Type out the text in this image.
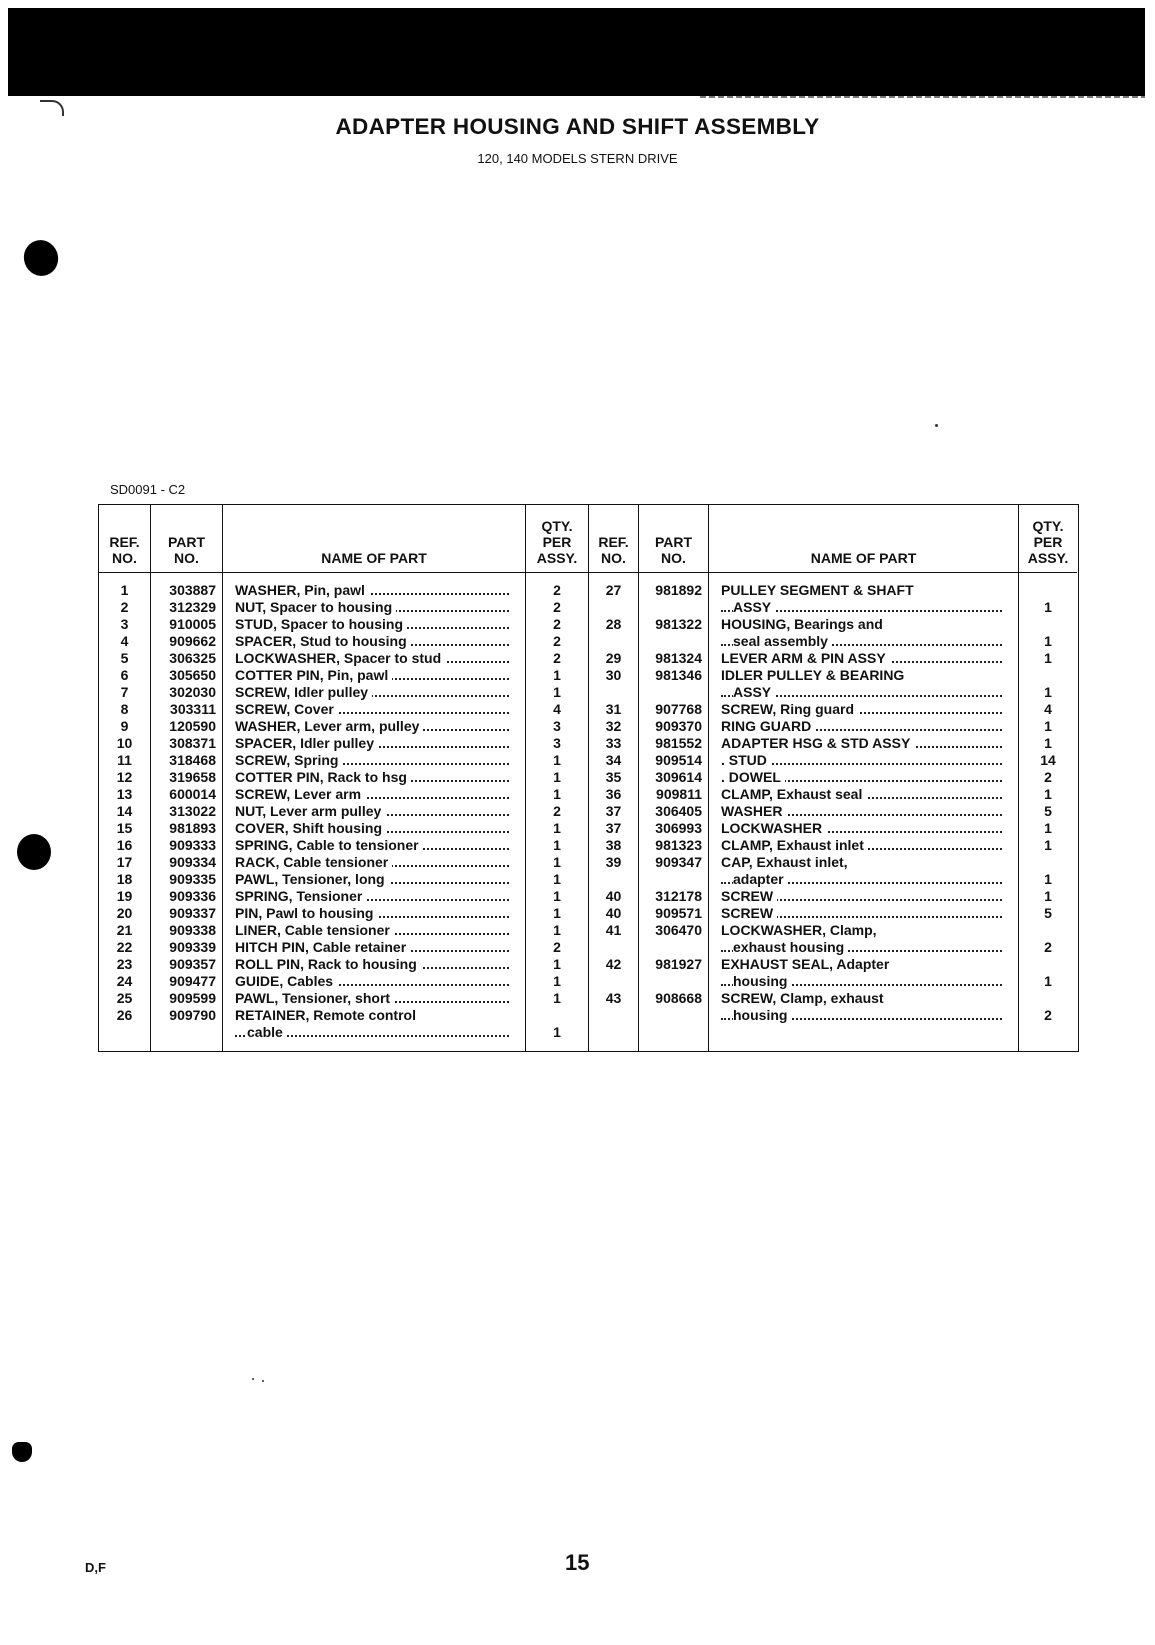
ADAPTER HOUSING AND SHIFT ASSEMBLY
120, 140 MODELS STERN DRIVE
SD0091 - C2
REF.
NO.
1
2
3
4
5
6
7
8
9
10
11
12
13
14
15
16
17
18
19
20
21
22
23
24
25
26

PART
NO.
303887
312329
910005
909662
306325
305650
302030
303311
120590
308371
318468
319658
600014
313022
981893
909333
909334
909335
909336
909337
909338
909339
909357
909477
909599
909790

NAME OF PART
WASHER, Pin, pawl
NUT, Spacer to housing
STUD, Spacer to housing
SPACER, Stud to housing
LOCKWASHER, Spacer to stud
COTTER PIN, Pin, pawl
SCREW, Idler pulley
SCREW, Cover
WASHER, Lever arm, pulley
SPACER, Idler pulley
SCREW, Spring
COTTER PIN, Rack to hsg
SCREW, Lever arm
NUT, Lever arm pulley
COVER, Shift housing
SPRING, Cable to tensioner
RACK, Cable tensioner
PAWL, Tensioner, long
SPRING, Tensioner
PIN, Pawl to housing
LINER, Cable tensioner
HITCH PIN, Cable retainer
ROLL PIN, Rack to housing
GUIDE, Cables
PAWL, Tensioner, short
RETAINER, Remote control
cable
QTY.
PER
ASSY.
2
2
2
2
2
1
1
4
3
3
1
1
1
2
1
1
1
1
1
1
1
2
1
1
1

1
REF.
NO.
27

28

29
30

31
32
33
34
35
36
37
37
38
39

40
40
41

42

43

PART
NO.
981892

981322

981324
981346

907768
909370
981552
909514
309614
909811
306405
306993
981323
909347

312178
909571
306470

981927

908668

NAME OF PART
PULLEY SEGMENT & SHAFT
ASSY
HOUSING, Bearings and
seal assembly
LEVER ARM & PIN ASSY
IDLER PULLEY & BEARING
ASSY
SCREW, Ring guard
RING GUARD
ADAPTER HSG & STD ASSY
. STUD
. DOWEL
CLAMP, Exhaust seal
WASHER
LOCKWASHER
CLAMP, Exhaust inlet
CAP, Exhaust inlet,
adapter
SCREW
SCREW
LOCKWASHER, Clamp,
exhaust housing
EXHAUST SEAL, Adapter
housing
SCREW, Clamp, exhaust
housing
QTY.
PER
ASSY.

1

1
1

1
4
1
1
14
2
1
5
1
1

1
1
5

2

1

2
D,F	15
